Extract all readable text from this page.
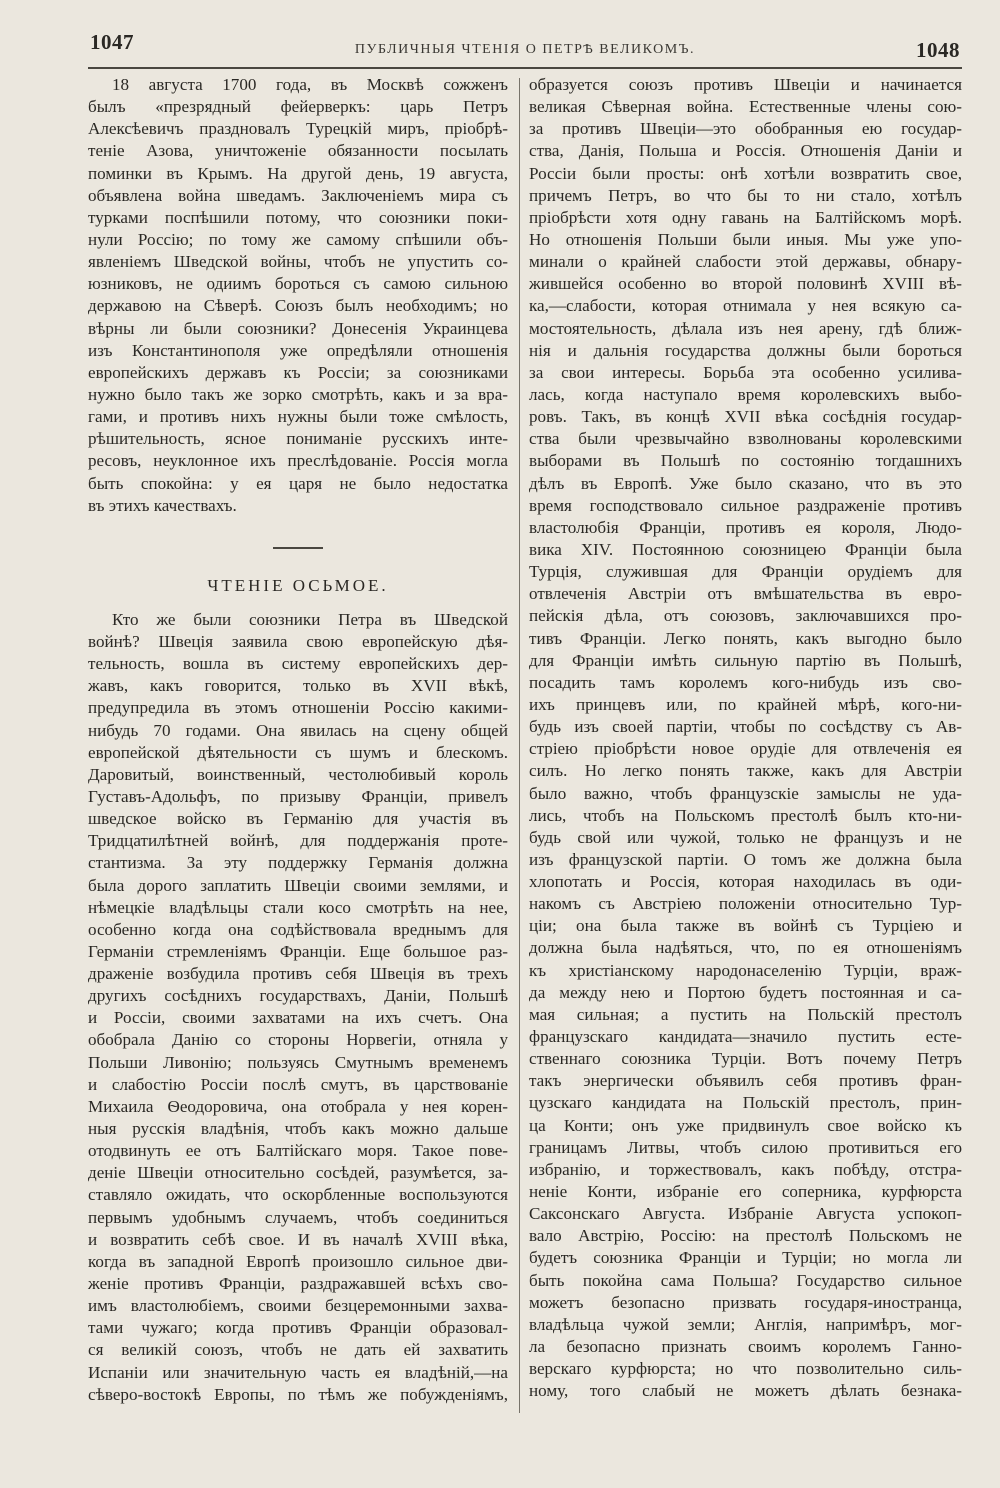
1047	ПУБЛИЧНЫЯ ЧТЕНІЯ О ПЕТРѢ ВЕЛИКОМЪ.	1048
18 августа 1700 года, въ Москвѣ сожженъ
былъ «презрядный фейерверкъ: царь Петръ
Алексѣевичъ праздновалъ Турецкій миръ, пріобрѣ-
теніе Азова, уничтоженіе обязанности посылать
поминки въ Крымъ. На другой день, 19 августа,
объявлена война шведамъ. Заключеніемъ мира съ
турками поспѣшили потому, что союзники поки-
нули Россію; по тому же самому спѣшили объ-
явленіемъ Шведской войны, чтобъ не упустить со-
юзниковъ, не одиимъ бороться съ самою сильною
державою на Сѣверѣ. Союзъ былъ необходимъ; но
вѣрны ли были союзники? Донесенія Украинцева
изъ Константинополя уже опредѣляли отношенія
европейскихъ державъ къ Россіи; за союзниками
нужно было такъ же зорко смотрѣть, какъ и за вра-
гами, и противъ нихъ нужны были тоже смѣлость,
рѣшительность, ясное пониманіе русскихъ инте-
ресовъ, неуклонное ихъ преслѣдованіе. Россія могла
быть спокойна: у ея царя не было недостатка
въ этихъ качествахъ.
ЧТЕНІЕ ОСЬМОЕ.
Кто же были союзники Петра въ Шведской
войнѣ? Швеція заявила свою европейскую дѣя-
тельность, вошла въ систему европейскихъ дер-
жавъ, какъ говорится, только въ XVII вѣкѣ,
предупредила въ этомъ отношеніи Россію какими-
нибудь 70 годами. Она явилась на сцену общей
европейской дѣятельности съ шумъ и блескомъ.
Даровитый, воинственный, честолюбивый король
Густавъ-Адольфъ, по призыву Франціи, привелъ
шведское войско въ Германію для участія въ
Тридцатилѣтней войнѣ, для поддержанія проте-
стантизма. За эту поддержку Германія должна
была дорого заплатить Швеціи своими землями, и
нѣмецкіе владѣльцы стали косо смотрѣть на нее,
особенно когда она содѣйствовала вреднымъ для
Германіи стремленіямъ Франціи. Еще большое раз-
драженіе возбудила противъ себя Швеція въ трехъ
другихъ сосѣднихъ государствахъ, Даніи, Польшѣ
и Россіи, своими захватами на ихъ счетъ. Она
обобрала Данію со стороны Норвегіи, отняла у
Польши Ливонію; пользуясь Смутнымъ временемъ
и слабостію Россіи послѣ смутъ, въ царствованіе
Михаила Ѳеодоровича, она отобрала у нея корен-
ныя русскія владѣнія, чтобъ какъ можно дальше
отодвинуть ее отъ Балтійскаго моря. Такое пове-
деніе Швеціи относительно сосѣдей, разумѣется, за-
ставляло ожидать, что оскорбленные воспользуются
первымъ удобнымъ случаемъ, чтобъ соединиться
и возвратить себѣ свое. И въ началѣ XVIII вѣка,
когда въ западной Европѣ произошло сильное дви-
женіе противъ Франціи, раздражавшей всѣхъ сво-
имъ властолюбіемъ, своими безцеремонными захва-
тами чужаго; когда противъ Франціи образовал-
ся великій союзъ, чтобъ не дать ей захватить
Испаніи или значительную часть ея владѣній,—на
сѣверо-востокѣ Европы, по тѣмъ же побужденіямъ,
образуется союзъ противъ Швеціи и начинается
великая Сѣверная война. Естественные члены сою-
за противъ Швеціи—это обобранныя ею государ-
ства, Данія, Польша и Россія. Отношенія Даніи и
Россіи были просты: онѣ хотѣли возвратить свое,
причемъ Петръ, во что бы то ни стало, хотѣлъ
пріобрѣсти хотя одну гавань на Балтійскомъ морѣ.
Но отношенія Польши были иныя. Мы уже упо-
минали о крайней слабости этой державы, обнару-
жившейся особенно во второй половинѣ XVIII вѣ-
ка,—слабости, которая отнимала у нея всякую са-
мостоятельность, дѣлала изъ нея арену, гдѣ ближ-
нія и дальнія государства должны были бороться
за свои интересы. Борьба эта особенно усилива-
лась, когда наступало время королевскихъ выбо-
ровъ. Такъ, въ концѣ XVII вѣка сосѣднія государ-
ства были чрезвычайно взволнованы королевскими
выборами въ Польшѣ по состоянію тогдашнихъ
дѣлъ въ Европѣ. Уже было сказано, что въ это
время господствовало сильное раздраженіе противъ
властолюбія Франціи, противъ ея короля, Людо-
вика XIV. Постоянною союзницею Франціи была
Турція, служившая для Франціи орудіемъ для
отвлеченія Австріи отъ вмѣшательства въ евро-
пейскія дѣла, отъ союзовъ, заключавшихся про-
тивъ Франціи. Легко понять, какъ выгодно было
для Франціи имѣть сильную партію въ Польшѣ,
посадить тамъ королемъ кого-нибудь изъ сво-
ихъ принцевъ или, по крайней мѣрѣ, кого-ни-
будь изъ своей партіи, чтобы по сосѣдству съ Ав-
стріею пріобрѣсти новое орудіе для отвлеченія ея
силъ. Но легко понять также, какъ для Австріи
было важно, чтобъ французскіе замыслы не уда-
лись, чтобъ на Польскомъ престолѣ былъ кто-ни-
будь свой или чужой, только не французъ и не
изъ французской партіи. О томъ же должна была
хлопотать и Россія, которая находилась въ оди-
накомъ съ Австріею положеніи относительно Тур-
ціи; она была также въ войнѣ съ Турціею и
должна была надѣяться, что, по ея отношеніямъ
къ христіанскому народонаселенію Турціи, враж-
да между нею и Портою будетъ постоянная и са-
мая сильная; а пустить на Польскій престолъ
французскаго кандидата—значило пустить есте-
ственнаго союзника Турціи. Вотъ почему Петръ
такъ энергически объявилъ себя противъ фран-
цузскаго кандидата на Польскій престолъ, прин-
ца Конти; онъ уже придвинулъ свое войско къ
границамъ Литвы, чтобъ силою противиться его
избранію, и торжествовалъ, какъ побѣду, отстра-
неніе Конти, избраніе его соперника, курфюрста
Саксонскаго Августа. Избраніе Августа успокоп-
вало Австрію, Россію: на престолѣ Польскомъ не
будетъ союзника Франціи и Турціи; но могла ли
быть покойна сама Польша? Государство сильное
можетъ безопасно призвать государя-иностранца,
владѣльца чужой земли; Англія, напримѣръ, мог-
ла безопасно признать своимъ королемъ Ганно-
верскаго курфюрста; но что позволительно силь-
ному, того слабый не можетъ дѣлать безнака-
